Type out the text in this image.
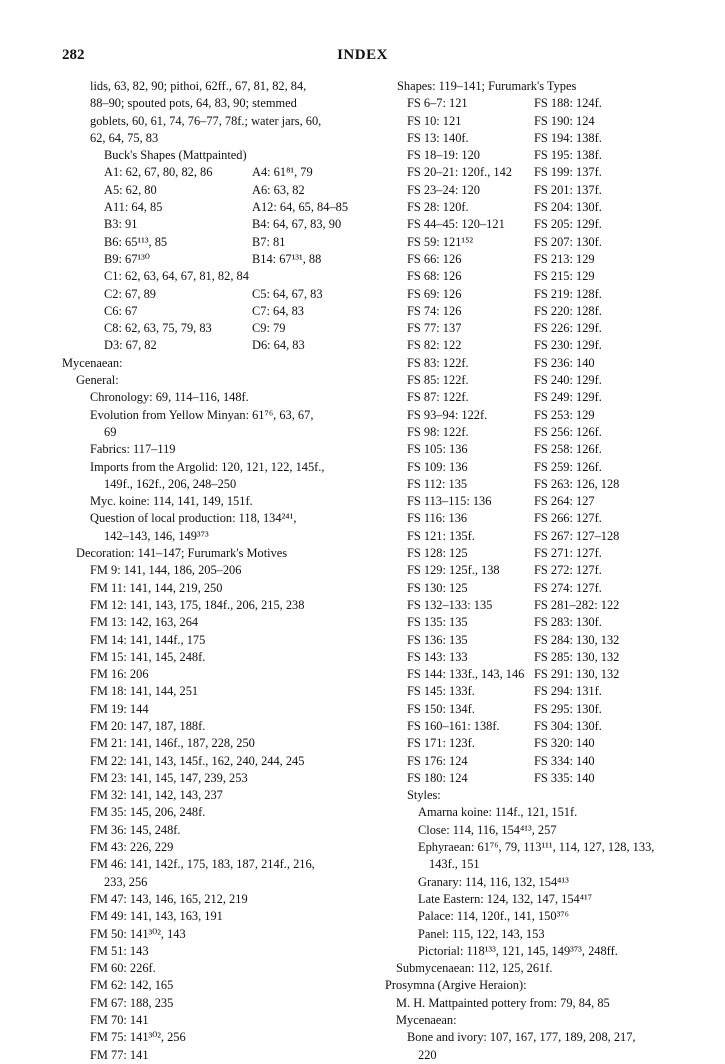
282	INDEX
lids, 63, 82, 90; pithoi, 62ff., 67, 81, 82, 84,
88–90; spouted pots, 64, 83, 90; stemmed
goblets, 60, 61, 74, 76–77, 78f.; water jars, 60,
62, 64, 75, 83
Buck's Shapes (Mattpainted)
A1: 62, 67, 80, 82, 86	A4: 61⁸¹, 79
A5: 62, 80	A6: 63, 82
A11: 64, 85	A12: 64, 65, 84–85
B3: 91	B4: 64, 67, 83, 90
B6: 65¹¹³, 85	B7: 81
B9: 67¹³⁰	B14: 67¹³¹, 88
C1: 62, 63, 64, 67, 81, 82, 84
C2: 67, 89	C5: 64, 67, 83
C6: 67	C7: 64, 83
C8: 62, 63, 75, 79, 83	C9: 79
D3: 67, 82	D6: 64, 83
Mycenaean:
General:
Chronology: 69, 114–116, 148f.
Evolution from Yellow Minyan: 61⁷⁶, 63, 67,
69
Fabrics: 117–119
Imports from the Argolid: 120, 121, 122, 145f.,
149f., 162f., 206, 248–250
Myc. koine: 114, 141, 149, 151f.
Question of local production: 118, 134²⁴¹,
142–143, 146, 149³⁷³
Decoration: 141–147; Furumark's Motives
FM 9: 141, 144, 186, 205–206
FM 11: 141, 144, 219, 250
FM 12: 141, 143, 175, 184f., 206, 215, 238
FM 13: 142, 163, 264
FM 14: 141, 144f., 175
FM 15: 141, 145, 248f.
FM 16: 206
FM 18: 141, 144, 251
FM 19: 144
FM 20: 147, 187, 188f.
FM 21: 141, 146f., 187, 228, 250
FM 22: 141, 143, 145f., 162, 240, 244, 245
FM 23: 141, 145, 147, 239, 253
FM 32: 141, 142, 143, 237
FM 35: 145, 206, 248f.
FM 36: 145, 248f.
FM 43: 226, 229
FM 46: 141, 142f., 175, 183, 187, 214f., 216,
233, 256
FM 47: 143, 146, 165, 212, 219
FM 49: 141, 143, 163, 191
FM 50: 141³⁰², 143
FM 51: 143
FM 60: 226f.
FM 62: 142, 165
FM 67: 188, 235
FM 70: 141
FM 75: 141³⁰², 256
FM 77: 141
Shapes: 119–141; Furumark's Types
FS 6–7: 121	FS 188: 124f.
FS 10: 121	FS 190: 124
FS 13: 140f.	FS 194: 138f.
FS 18–19: 120	FS 195: 138f.
FS 20–21: 120f., 142 FS 199: 137f.
FS 23–24: 120	FS 201: 137f.
FS 28: 120f.	FS 204: 130f.
FS 44–45: 120–121 FS 205: 129f.
FS 59: 121¹⁵²	FS 207: 130f.
FS 66: 126	FS 213: 129
FS 68: 126	FS 215: 129
FS 69: 126	FS 219: 128f.
FS 74: 126	FS 220: 128f.
FS 77: 137	FS 226: 129f.
FS 82: 122	FS 230: 129f.
FS 83: 122f.	FS 236: 140
FS 85: 122f.	FS 240: 129f.
FS 87: 122f.	FS 249: 129f.
FS 93–94: 122f.	FS 253: 129
FS 98: 122f.	FS 256: 126f.
FS 105: 136	FS 258: 126f.
FS 109: 136	FS 259: 126f.
FS 112: 135	FS 263: 126, 128
FS 113–115: 136	FS 264: 127
FS 116: 136	FS 266: 127f.
FS 121: 135f.	FS 267: 127–128
FS 128: 125	FS 271: 127f.
FS 129: 125f., 138	FS 272: 127f.
FS 130: 125	FS 274: 127f.
FS 132–133: 135	FS 281–282: 122
FS 135: 135	FS 283: 130f.
FS 136: 135	FS 284: 130, 132
FS 143: 133	FS 285: 130, 132
FS 144: 133f., 143, 146 FS 291: 130, 132
FS 145: 133f.	FS 294: 131f.
FS 150: 134f.	FS 295: 130f.
FS 160–161: 138f.	FS 304: 130f.
FS 171: 123f.	FS 320: 140
FS 176: 124	FS 334: 140
FS 180: 124	FS 335: 140
Styles:
Amarna koine: 114f., 121, 151f.
Close: 114, 116, 154⁴¹³, 257
Ephyraean: 61⁷⁶, 79, 113¹¹¹, 114, 127, 128, 133,
143f., 151
Granary: 114, 116, 132, 154⁴¹³
Late Eastern: 124, 132, 147, 154⁴¹⁷
Palace: 114, 120f., 141, 150³⁷⁶
Panel: 115, 122, 143, 153
Pictorial: 118¹³³, 121, 145, 149³⁷³, 248ff.
Submycenaean: 112, 125, 261f.
Prosymna (Argive Heraion):
M. H. Mattpainted pottery from: 79, 84, 85
Mycenaean:
Bone and ivory: 107, 167, 177, 189, 208, 217,
220
